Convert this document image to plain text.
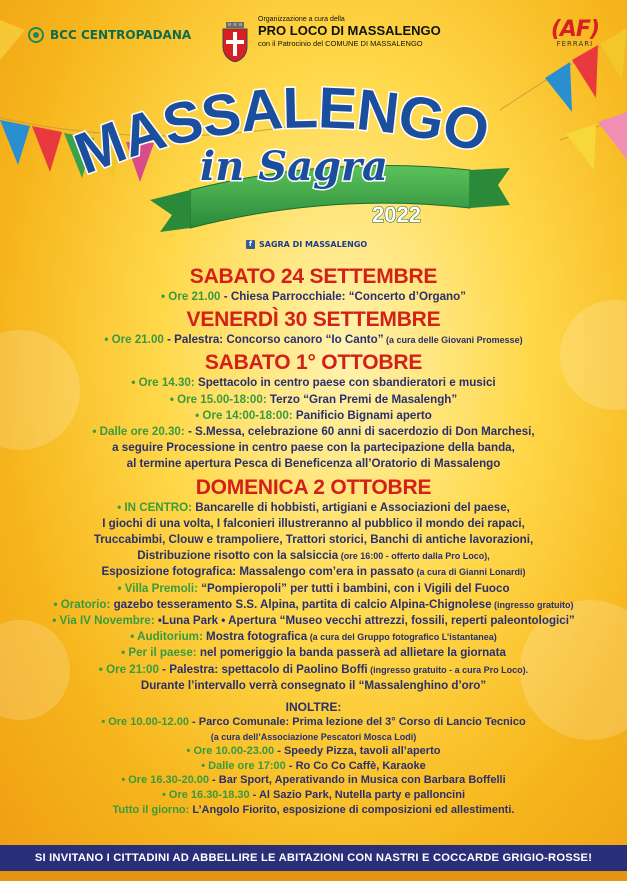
BCC CENTROPADANA
Organizzazione a cura della
PRO LOCO DI MASSALENGO
con il Patrocinio del COMUNE DI MASSALENGO
(AF)
FERRARI
MASSALENGO
in Sagra
2022
f SAGRA DI MASSALENGO
SABATO 24 SETTEMBRE
• Ore 21.00 - Chiesa Parrocchiale: “Concerto d’Organo”
VENERDÌ 30 SETTEMBRE
• Ore 21.00 - Palestra: Concorso canoro “Io Canto” (a cura delle Giovani Promesse)
SABATO 1° OTTOBRE
• Ore 14.30: Spettacolo in centro paese con sbandieratori e musici
• Ore 15.00-18:00: Terzo “Gran Premi de Masalengh”
• Ore 14:00-18:00: Panificio Bignami aperto
• Dalle ore 20.30: - S.Messa, celebrazione 60 anni di sacerdozio di Don Marchesi,
a seguire Processione in centro paese con la partecipazione della banda,
al termine apertura Pesca di Beneficenza all’Oratorio di Massalengo
DOMENICA 2 OTTOBRE
• IN CENTRO: Bancarelle di hobbisti, artigiani e Associazioni del paese,
I giochi di una volta, I falconieri illustreranno al pubblico il mondo dei rapaci,
Truccabimbi, Clouw e trampoliere, Trattori storici, Banchi di antiche lavorazioni,
Distribuzione risotto con la salsiccia (ore 16:00 - offerto dalla Pro Loco),
Esposizione fotografica: Massalengo com’era in passato (a cura di Gianni Lonardi)
• Villa Premoli: “Pompieropoli” per tutti i bambini, con i Vigili del Fuoco
• Oratorio: gazebo tesseramento S.S. Alpina, partita di calcio Alpina-Chignolese (ingresso gratuito)
• Via IV Novembre: •Luna Park • Apertura “Museo vecchi attrezzi, fossili, reperti paleontologici”
• Auditorium: Mostra fotografica (a cura del Gruppo fotografico L’istantanea)
• Per il paese: nel pomeriggio la banda passerà ad allietare la giornata
• Ore 21:00 - Palestra: spettacolo di Paolino Boffi (ingresso gratuito - a cura Pro Loco).
Durante l’intervallo verrà consegnato il “Massalenghino d’oro”
INOLTRE:
• Ore 10.00-12.00 - Parco Comunale: Prima lezione del 3° Corso di Lancio Tecnico
(a cura dell’Associazione Pescatori Mosca Lodi)
• Ore 10.00-23.00 - Speedy Pizza, tavoli all’aperto
• Dalle ore 17:00 - Ro Co Co Caffè, Karaoke
• Ore 16.30-20.00 - Bar Sport, Aperativando in Musica con Barbara Boffelli
• Ore 16.30-18.30 - Al Sazio Park, Nutella party e palloncini
Tutto il giorno: L’Angolo Fiorito, esposizione di composizioni ed allestimenti.
SI INVITANO I CITTADINI AD ABBELLIRE LE ABITAZIONI CON NASTRI E COCCARDE GRIGIO-ROSSE!
